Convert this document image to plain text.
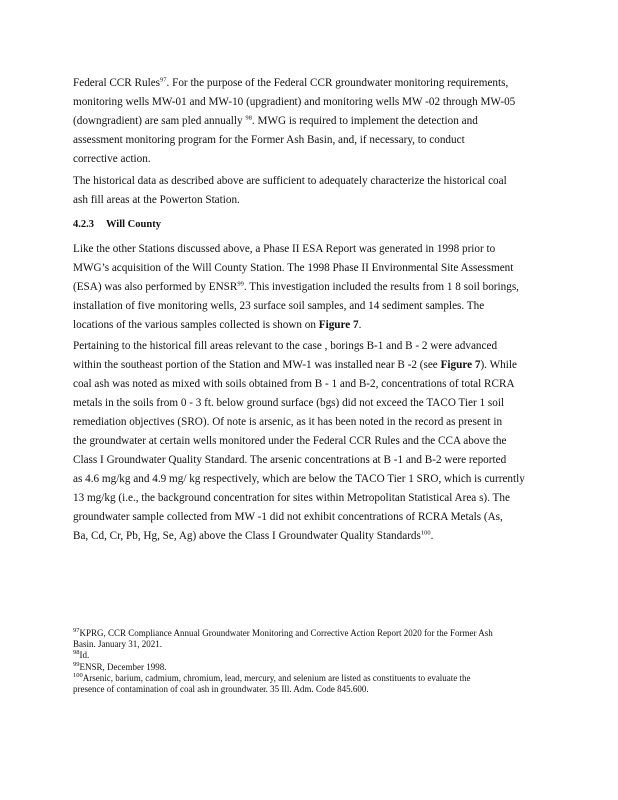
Federal CCR Rules$^{97}$. For the purpose of the Federal CCR groundwater monitoring requirements,
monitoring wells MW-01 and MW-10 (upgradient) and monitoring wells MW -02 through MW-05
(downgradient) are sam pled annually $^{98}$. MWG is required to implement the detection and
assessment monitoring program for the Former Ash Basin, and, if necessary, to conduct
corrective action.
The historical data as described above are sufficient to adequately characterize the historical coal
ash fill areas at the Powerton Station.
4.2.3 Will County
Like the other Stations discussed above, a Phase II ESA Report was generated in 1998 prior to
MWG’s acquisition of the Will County Station. The 1998 Phase II Environmental Site Assessment
(ESA) was also performed by ENSR$^{99}$. This investigation included the results from 1 8 soil borings,
installation of five monitoring wells, 23 surface soil samples, and 14 sediment samples. The
locations of the various samples collected is shown on Figure 7.
Pertaining to the historical fill areas relevant to the case , borings B-1 and B - 2 were advanced
within the southeast portion of the Station and MW-1 was installed near B -2 (see Figure 7). While
coal ash was noted as mixed with soils obtained from B - 1 and B-2, concentrations of total RCRA
metals in the soils from 0 - 3 ft. below ground surface (bgs) did not exceed the TACO Tier 1 soil
remediation objectives (SRO). Of note is arsenic, as it has been noted in the record as present in
the groundwater at certain wells monitored under the Federal CCR Rules and the CCA above the
Class I Groundwater Quality Standard. The arsenic concentrations at B -1 and B-2 were reported
as 4.6 mg/kg and 4.9 mg/ kg respectively, which are below the TACO Tier 1 SRO, which is currently
13 mg/kg (i.e., the background concentration for sites within Metropolitan Statistical Area s). The
groundwater sample collected from MW -1 did not exhibit concentrations of RCRA Metals (As,
Ba, Cd, Cr, Pb, Hg, Se, Ag) above the Class I Groundwater Quality Standards$^{100}$.
$^{97}$KPRG, CCR Compliance Annual Groundwater Monitoring and Corrective Action Report 2020 for the Former Ash
Basin. January 31, 2021.
$^{98}$Id.
$^{99}$ENSR, December 1998.
$^{100}$Arsenic, barium, cadmium, chromium, lead, mercury, and selenium are listed as constituents to evaluate the
presence of contamination of coal ash in groundwater. 35 Ill. Adm. Code 845.600.
